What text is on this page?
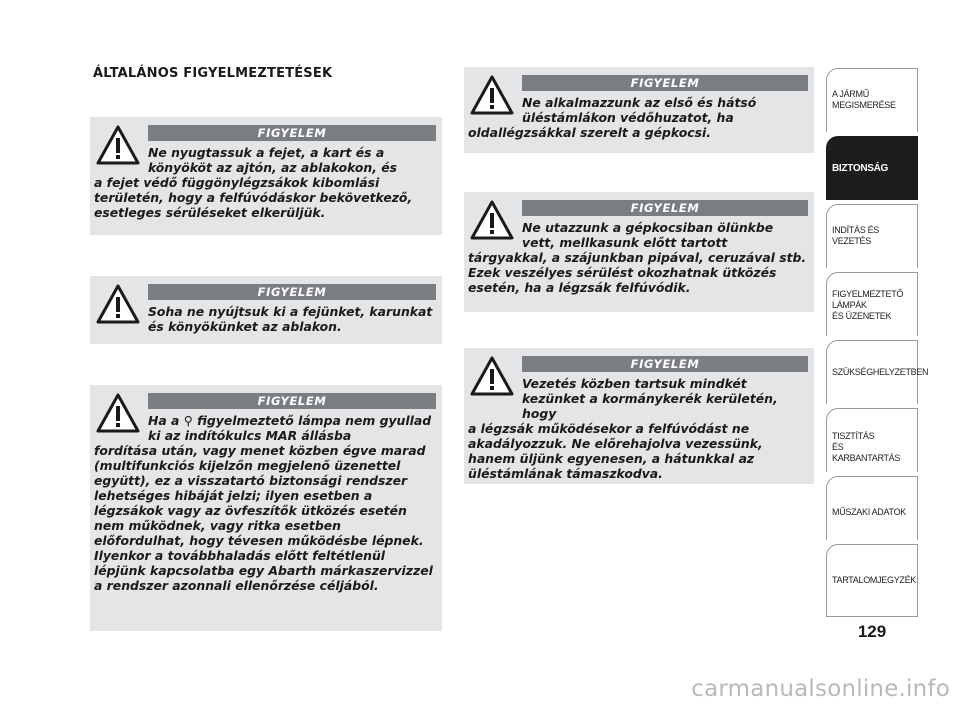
ÁLTALÁNOS FIGYELMEZTETÉSEK
FIGYELEM

Ne nyugtassuk a fejet, a kart és a könyököt az ajtón, az ablakokon, és
a fejet védő függönylégzsákok kibomlási területén, hogy a felfúvódáskor bekövetkező, esetleges sérüléseket elkerüljük.

FIGYELEM

Soha ne nyújtsuk ki a fejünket, karunkat és könyökünket az ablakon.

FIGYELEM

Ha a ⚲ figyelmeztető lámpa nem gyullad ki az indítókulcs MAR állásba
fordítása után, vagy menet közben égve marad (multifunkciós kijelzőn megjelenő üzenettel együtt), ez a visszatartó biztonsági rendszer lehetséges hibáját jelzi; ilyen esetben a légzsákok vagy az övfeszítők ütközés esetén nem működnek, vagy ritka esetben előfordulhat, hogy tévesen működésbe lépnek. Ilyenkor a továbbhaladás előtt feltétlenül lépjünk kapcsolatba egy Abarth márkaszervizzel a rendszer azonnali ellenőrzése céljából.

FIGYELEM

Ne alkalmazzunk az első és hátsó üléstámlákon védőhuzatot, ha
oldallégzsákkal szerelt a gépkocsi.

FIGYELEM

Ne utazzunk a gépkocsiban ölünkbe vett, mellkasunk előtt tartott
tárgyakkal, a szájunkban pipával, ceruzával stb. Ezek veszélyes sérülést okozhatnak ütközés esetén, ha a légzsák felfúvódik.

FIGYELEM

Vezetés közben tartsuk mindkét kezünket a kormánykerék kerületén, hogy
a légzsák működésekor a felfúvódást ne akadályozzuk. Ne előrehajolva vezessünk, hanem üljünk egyenesen, a hátunkkal az üléstámlának támaszkodva.

A JÁRMŰ
MEGISMERÉSE
BIZTONSÁG
INDÍTÁS ÉS VEZETÉS
FIGYELMEZTETŐ
LÁMPÁK
ÉS ÜZENETEK
SZÜKSÉGHELYZETBEN
TISZTÍTÁS
ÉS KARBANTARTÁS
MŰSZAKI ADATOK
TARTALOMJEGYZÉK
129
carmanualsonline.info
